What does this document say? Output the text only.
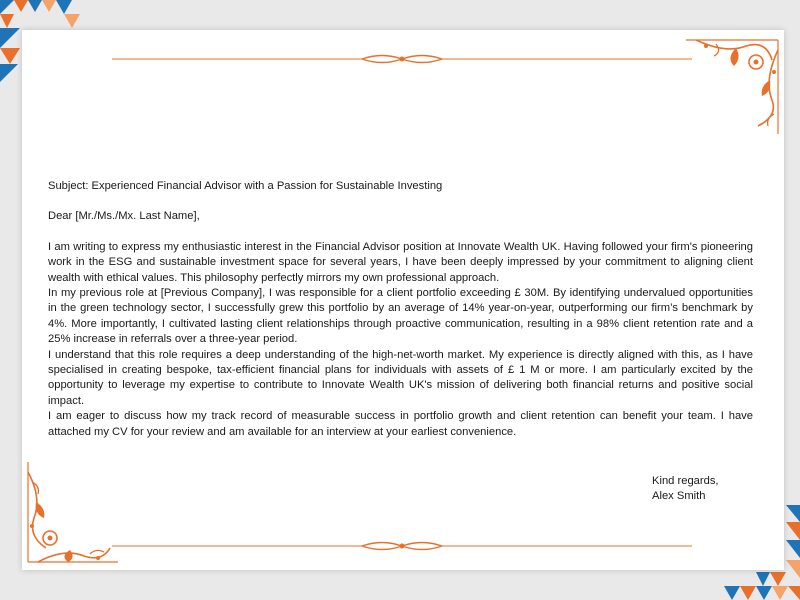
Subject: Experienced Financial Advisor with a Passion for Sustainable Investing

Dear [Mr./Ms./Mx. Last Name],

I am writing to express my enthusiastic interest in the Financial Advisor position at Innovate Wealth UK. Having followed your firm's pioneering work in the ESG and sustainable investment space for several years, I have been deeply impressed by your commitment to aligning client wealth with ethical values. This philosophy perfectly mirrors my own professional approach.

In my previous role at [Previous Company], I was responsible for a client portfolio exceeding £ 30M. By identifying undervalued opportunities in the green technology sector, I successfully grew this portfolio by an average of 14% year-on-year, outperforming our firm’s benchmark by 4%. More importantly, I cultivated lasting client relationships through proactive communication, resulting in a 98% client retention rate and a 25% increase in referrals over a three-year period.

I understand that this role requires a deep understanding of the high-net-worth market. My experience is directly aligned with this, as I have specialised in creating bespoke, tax-efficient financial plans for individuals with assets of £ 1 M or more. I am particularly excited by the opportunity to leverage my expertise to contribute to Innovate Wealth UK's mission of delivering both financial returns and positive social impact.

I am eager to discuss how my track record of measurable success in portfolio growth and client retention can benefit your team. I have attached my CV for your review and am available for an interview at your earliest convenience.

Kind regards,
Alex Smith
